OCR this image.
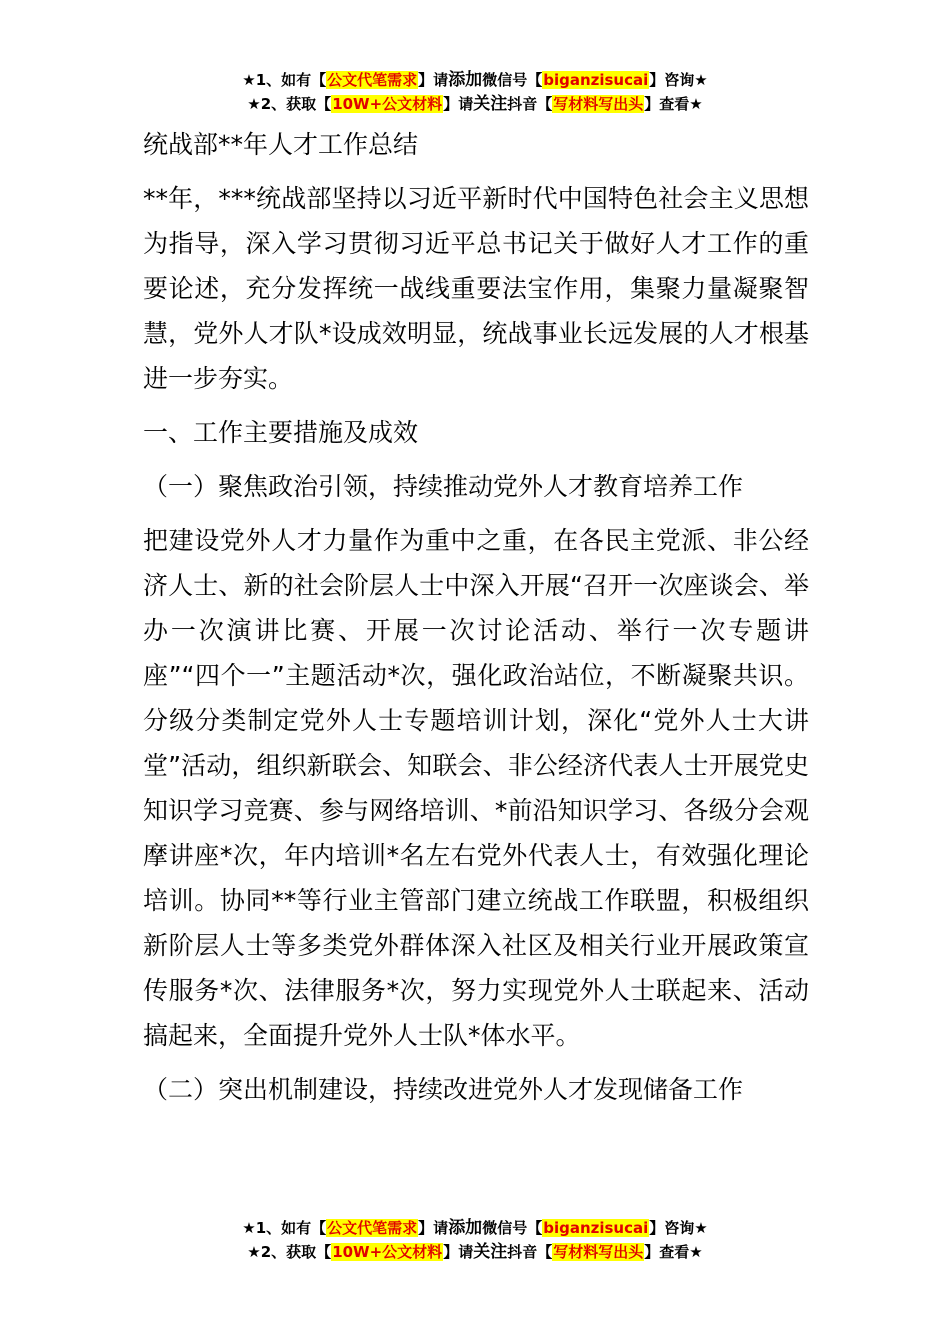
★1、如有【公文代笔需求】请添加微信号【biganzisucai】咨询★
★2、获取【10W+公文材料】请关注抖音【写材料写出头】查看★

统战部**年人才工作总结

**年，***统战部坚持以习近平新时代中国特色社会主义思想为指导，深入学习贯彻习近平总书记关于做好人才工作的重要论述，充分发挥统一战线重要法宝作用，集聚力量凝聚智慧，党外人才队*设成效明显，统战事业长远发展的人才根基进一步夯实。

一、工作主要措施及成效

（一）聚焦政治引领，持续推动党外人才教育培养工作

把建设党外人才力量作为重中之重，在各民主党派、非公经济人士、新的社会阶层人士中深入开展“召开一次座谈会、举办一次演讲比赛、开展一次讨论活动、举行一次专题讲座”“四个一”主题活动*次，强化政治站位，不断凝聚共识。分级分类制定党外人士专题培训计划，深化“党外人士大讲堂”活动，组织新联会、知联会、非公经济代表人士开展党史知识学习竞赛、参与网络培训、*前沿知识学习、各级分会观摩讲座*次，年内培训*名左右党外代表人士，有效强化理论培训。协同**等行业主管部门建立统战工作联盟，积极组织新阶层人士等多类党外群体深入社区及相关行业开展政策宣传服务*次、法律服务*次，努力实现党外人士联起来、活动搞起来，全面提升党外人士队*体水平。

（二）突出机制建设，持续改进党外人才发现储备工作

★1、如有【公文代笔需求】请添加微信号【biganzisucai】咨询★
★2、获取【10W+公文材料】请关注抖音【写材料写出头】查看★
